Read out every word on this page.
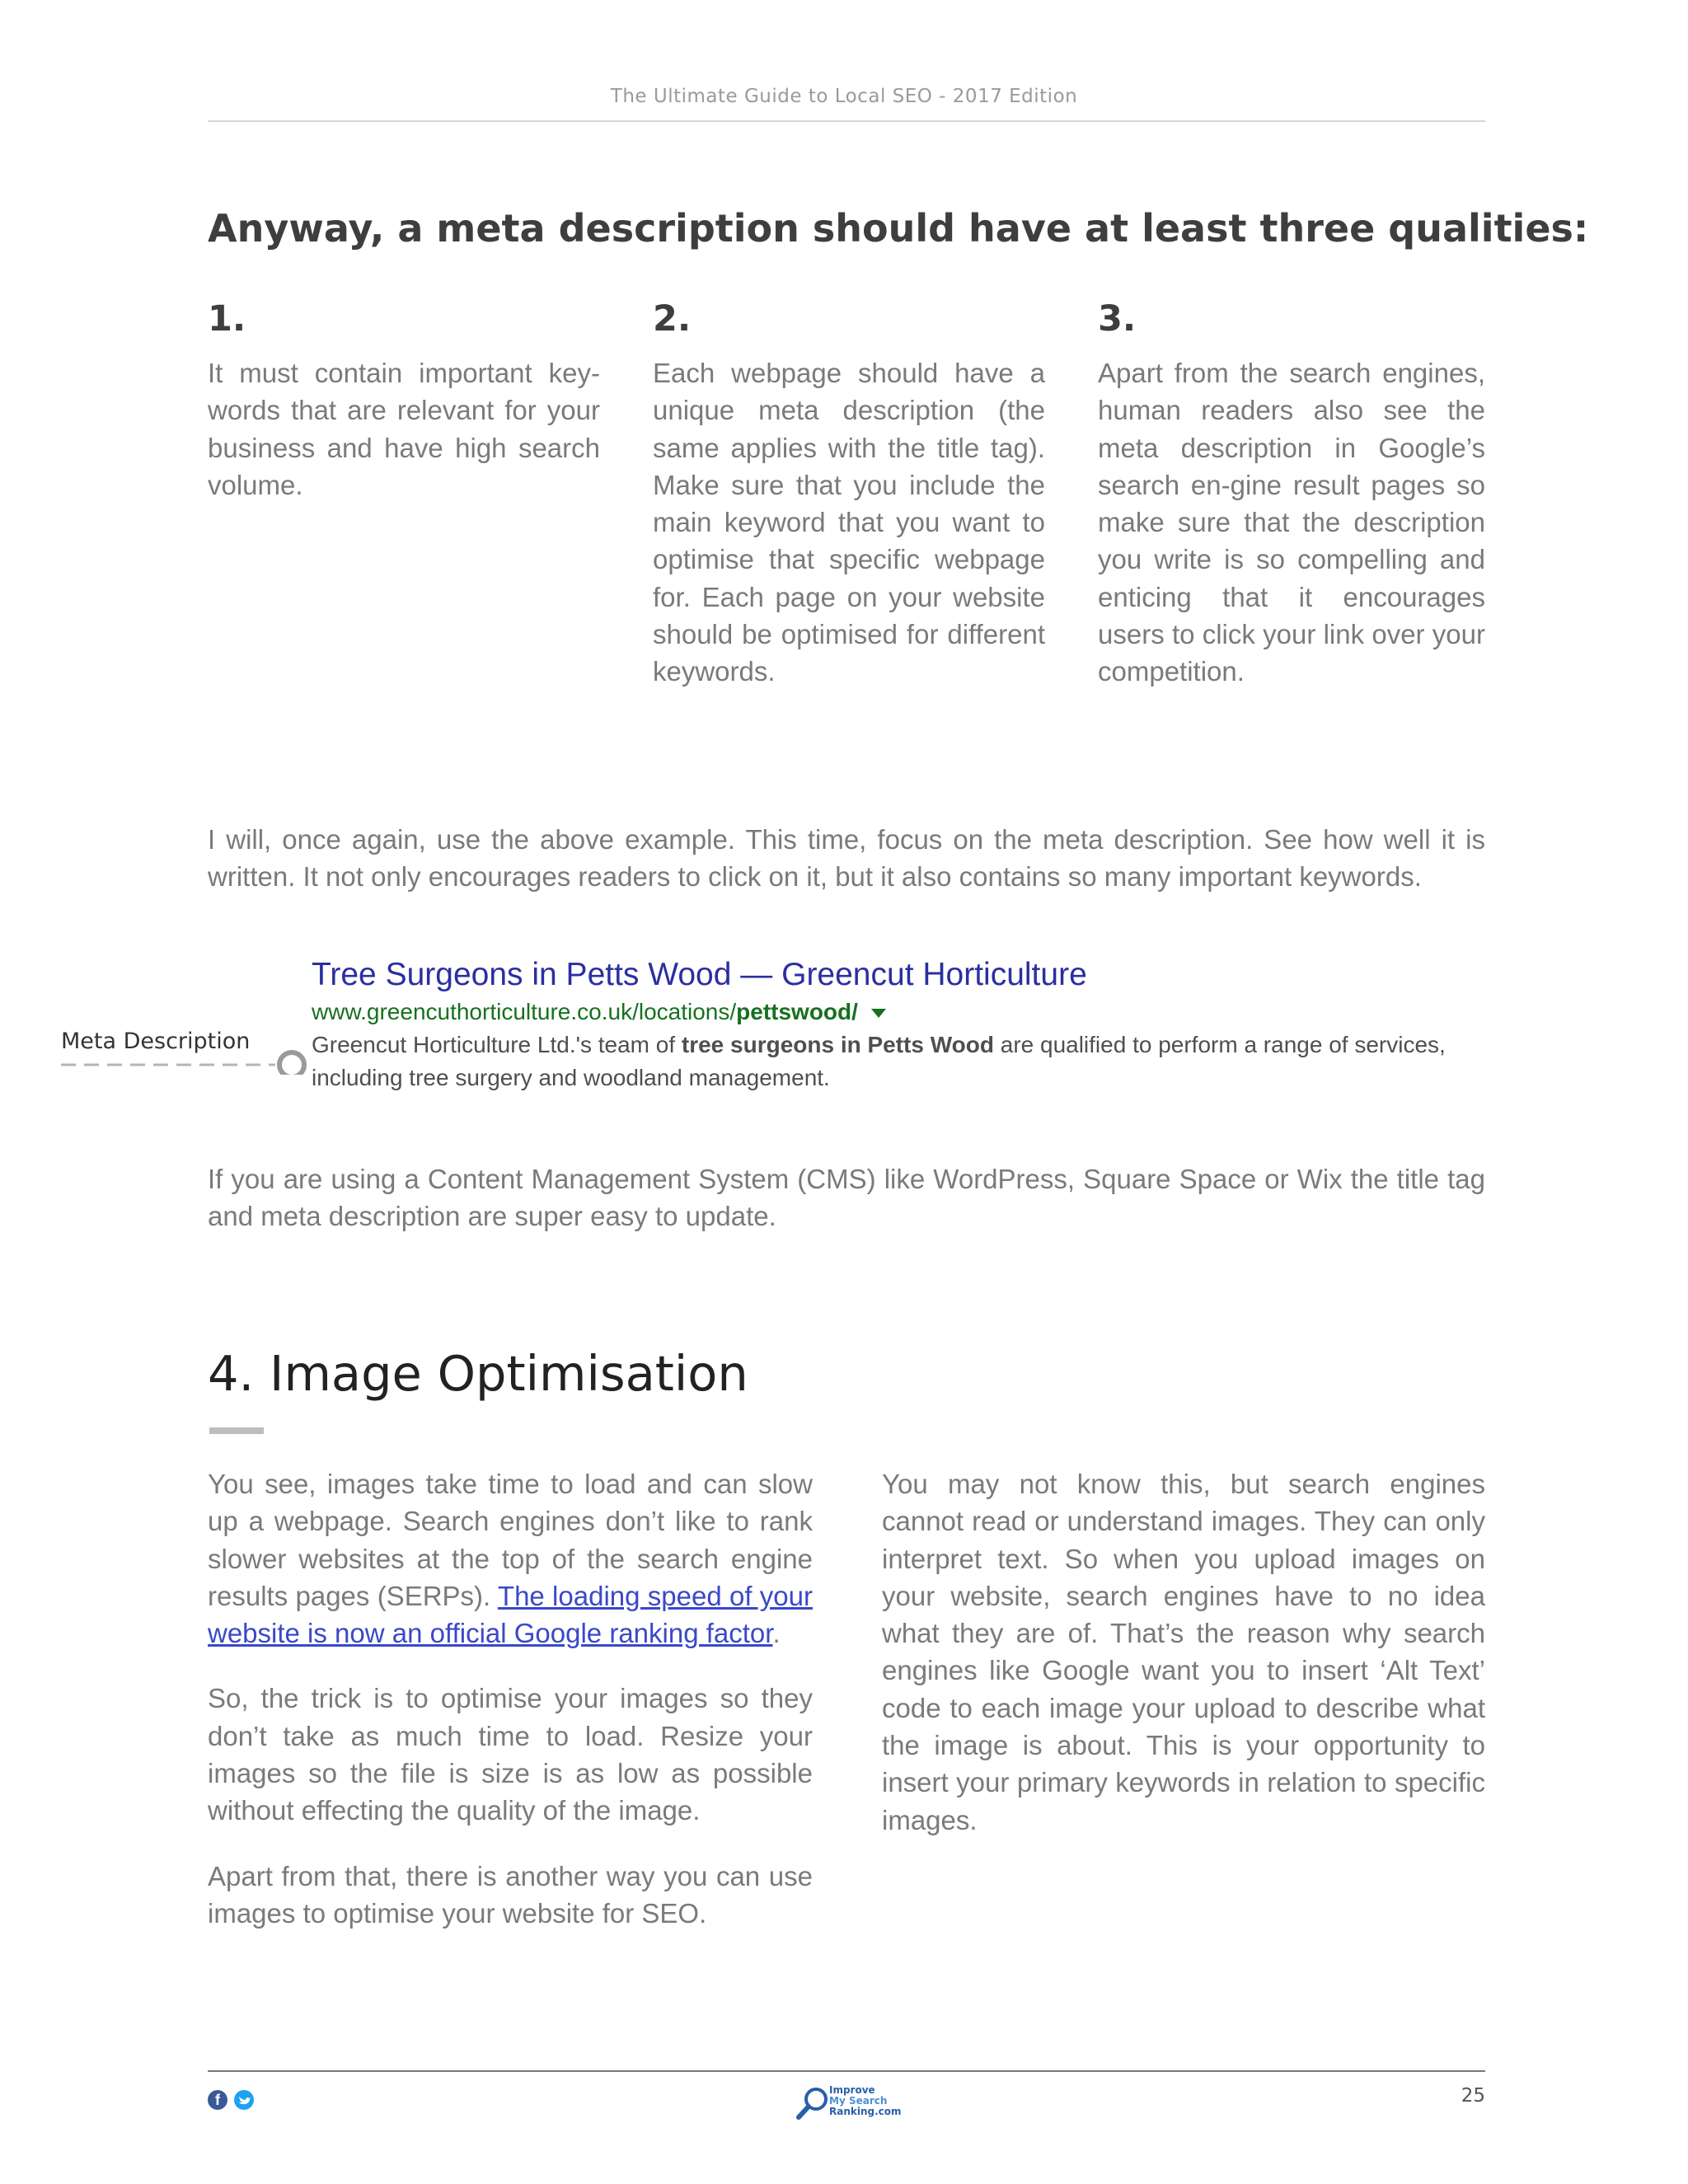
The Ultimate Guide to Local SEO - 2017 Edition
Anyway, a meta description should have at least three qualities:
1.	2.	3.
It must contain important key-words that are relevant for your business and have high search volume.
Each webpage should have a unique meta description (the same applies with the title tag). Make sure that you include the main keyword that you want to optimise that specific webpage for. Each page on your website should be optimised for different keywords.
Apart from the search engines, human readers also see the meta description in Google’s search en-gine result pages so make sure that the description you write is so compelling and enticing that it encourages users to click your link over your competition.
I will, once again, use the above example. This time, focus on the meta description. See how well it is written. It not only encourages readers to click on it, but it also contains so many important keywords.
Meta Description
Tree Surgeons in Petts Wood — Greencut Horticulture
www.greencuthorticulture.co.uk/locations/pettswood/
Greencut Horticulture Ltd.'s team of tree surgeons in Petts Wood are qualified to perform a range of services, including tree surgery and woodland management.
If you are using a Content Management System (CMS) like WordPress, Square Space or Wix the title tag and meta description are super easy to update.
4. Image Optimisation

You see, images take time to load and can slow up a webpage. Search engines don’t like to rank slower websites at the top of the search engine results pages (SERPs). The loading speed of your website is now an official Google ranking factor.

So, the trick is to optimise your images so they don’t take as much time to load. Resize your images so the file is size is as low as possible without effecting the quality of the image.

Apart from that, there is another way you can use images to optimise your website for SEO.

You may not know this, but search engines cannot read or understand images. They can only interpret text. So when you upload images on your website, search engines have to no idea what they are of. That’s the reason why search engines like Google want you to insert ‘Alt Text’ code to each image your upload to describe what the image is about. This is your opportunity to insert your primary keywords in relation to specific images.

f
Improve
My Search
Ranking.com
25
